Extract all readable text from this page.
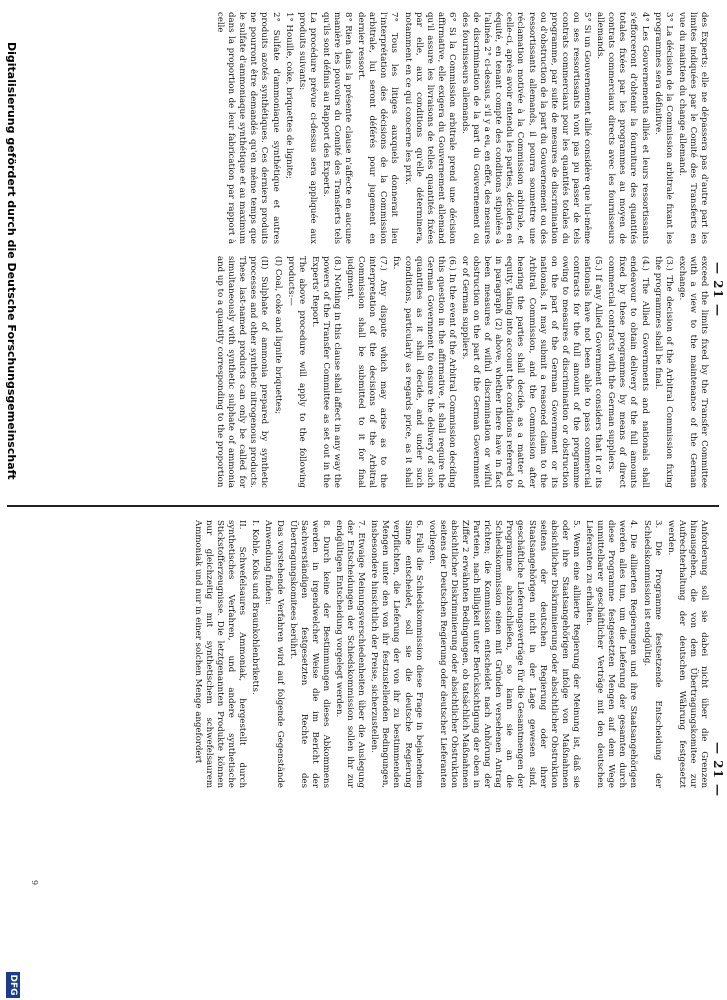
— 21 —

des Experts; elle ne dépassera pas d'autre part les limites indiquées par le Comité des Transferts en vue du maintien du change allemand.

3° La décision de la Commission arbitrale fixant les programmes sera définitive.

4° Les Gouvernements alliés et leurs ressortissants s'efforceront d'obtenir la fourniture des quantités totales fixées par les programmes au moyen de contrats commerciaux directs avec les fournisseurs allemands.

5° Si un Gouvernement allié considère que lui-même ou ses ressortissants n'ont pas pu passer de tels contrats commerciaux pour les quantités totales du programme, par suite de mesures de discrimination ou d'obstruction de la part du Gouvernement ou des ressortissants allemands, il pourra soumettre une réclamation motivée à la Commission arbitrale, et celle-ci, après avoir entendu les parties, décidera en équité, en tenant compte des conditions stipulées à l'alinéa 2° ci-dessus, s'il y a eu, en effet, des mesures de discrimination de la part du Gouvernement ou des fournisseurs allemands.

6° Si la Commission arbitrale prend une décision affirmative, elle exigera du Gouvernement allemand qu'il assure les livraisons de telles quantités fixées par elle, aux conditions qu'elle déterminera, notamment en ce qui concerne les prix.

7° Tous les litiges auxquels donnerait lieu l'interprétation des décisions de la Commission arbitrale, lui seront déférés pour jugement en dernier ressort.

8° Rien dans la présente clause n'affecte en aucune manière les pouvoirs du Comité des Transferts tels qu'ils sont définis au Rapport des Experts.

La procédure prévue ci-dessus sera appliquée aux produits suivants:

1° Houille, coke, briquettes de lignite;

2° Sulfate d'ammoniaque synthétique et autres produits azotés synthétiques. Ces derniers produits ne pourront être demandés qu'en même temps que le sulfate d'ammoniaque synthétique et au maximum dans la proportion de leur fabrication par rapport à celle

exceed the limits fixed by the Transfer Committee with a view to the maintenance of the German exchange.

(3.) The decision of the Arbitral Commission fixing the programmes shall be final.

(4.) The Allied Governments and nationals shall endeavour to obtain delivery of the full amounts fixed by these programmes by means of direct commercial contracts with the German suppliers.

(5.) If any Allied Government considers that it or its nationals have not been able to pass commercial contracts for the full amount of the programme owing to measures of discrimination or obstruction on the part of the German Government or its nationals, it may submit a reasoned claim to the Arbitral Commission, and the Commission after hearing the parties shall decide, as a matter of equity, taking into account the conditions referred to in paragraph (2) above, whether there have in fact been measures of wilful discrimination or wilful obstruction on the part of the German Government or of German suppliers.

(6.) In the event of the Arbitral Commission deciding this question in the affirmative, it shall require the German Government to ensure the delivery of such quantities as it shall decide, and under such conditions, particularly as regards price, as it shall fix.

(7.) Any dispute which may arise as to the interpretation of the decisions of the Arbitral Commission shall be submitted to it for final judgment.

(8.) Nothing in this clause shall affect in any way the powers of the Transfer Committee as set out in the Experts' Report.

The above procedure will apply to the following products:—

(I) Coal, coke and lignite briquettes;

(II) Sulphate of ammonia prepared by synthetic processes and other synthetic nitrogenous products. These last-named products can only be called for simultaneously with synthetic sulphate of ammonia and up to a quantity corresponding to the proportion

— 21 —

Anforderung soll sie dabei nicht über die Grenzen hinausgehen, die von dem Übertragungskomitee zur Aufrechterhaltung der deutschen Währung festgesetzt werden.

3. Die Programme festsetzende Entscheidung der Schiedskommission ist endgültig.

4. Die alliierten Regierungen und ihre Staatsangehörigen werden alles tun, um die Lieferung der gesamten durch diese Programme festgesetzten Mengen auf dem Wege unmittelbarer geschäftlicher Verträge mit den deutschen Lieferanten zu erhalten.

5. Wenn eine alliierte Regierung der Meinung ist, daß sie oder ihre Staatsangehörigen infolge von Maßnahmen absichtlicher Diskriminierung oder absichtlicher Obstruktion seitens der deutschen Regierung oder ihrer Staatsangehörigen nicht in der Lage gewesen sind, geschäftliche Lieferungsverträge für die Gesamtmengen der Programme abzuschließen, so kann sie an die Schiedskommission einen mit Gründen versehenen Antrag richten; die Kommission entscheidet nach Anhörung der Parteien, nach Billigkeit unter Berücksichtigung der oben in Ziffer 2 erwähnten Bedingungen, ob tatsächlich Maßnahmen absichtlicher Diskriminierung oder absichtlicher Obstruktion seitens der Deutschen Regierung oder deutscher Lieferanten vorliegen.

6. Falls die Schiedskommission diese Frage in bejahendem Sinne entscheidet, soll sie die deutsche Regierung verpflichten, die Lieferung der von ihr zu bestimmenden Mengen unter den von ihr festzustellenden Bedingungen, insbesondere hinsichtlich der Preise, sicherzustellen.

7. Etwaige Meinungsverschiedenheiten über die Auslegung der Entscheidungen der Schiedskommission sollen ihr zur endgültigen Entscheidung vorgelegt werden.

8. Durch keine der Bestimmungen dieses Abkommens werden in irgendwelcher Weise die im Bericht der Sachverständigen festgesetzten Rechte des Übertragungskomitees berührt.

Das vorstehende Verfahren wird auf folgende Gegenstände Anwendung finden:

I. Kohle, Koks und Braunkohlenbriketts.

II. Schwefelsaures Ammoniak, hergestellt durch synthetisches Verfahren, und andere synthetische Stickstofferzeugnisse. Die letztgenannten Produkte können nur gleichzeitig mit synthetischem schwefelsaurem Ammoniak und nur in einer solchen Menge angefordert

9
DFG
Digitalisierung gefördert durch die Deutsche Forschungsgemeinschaft
